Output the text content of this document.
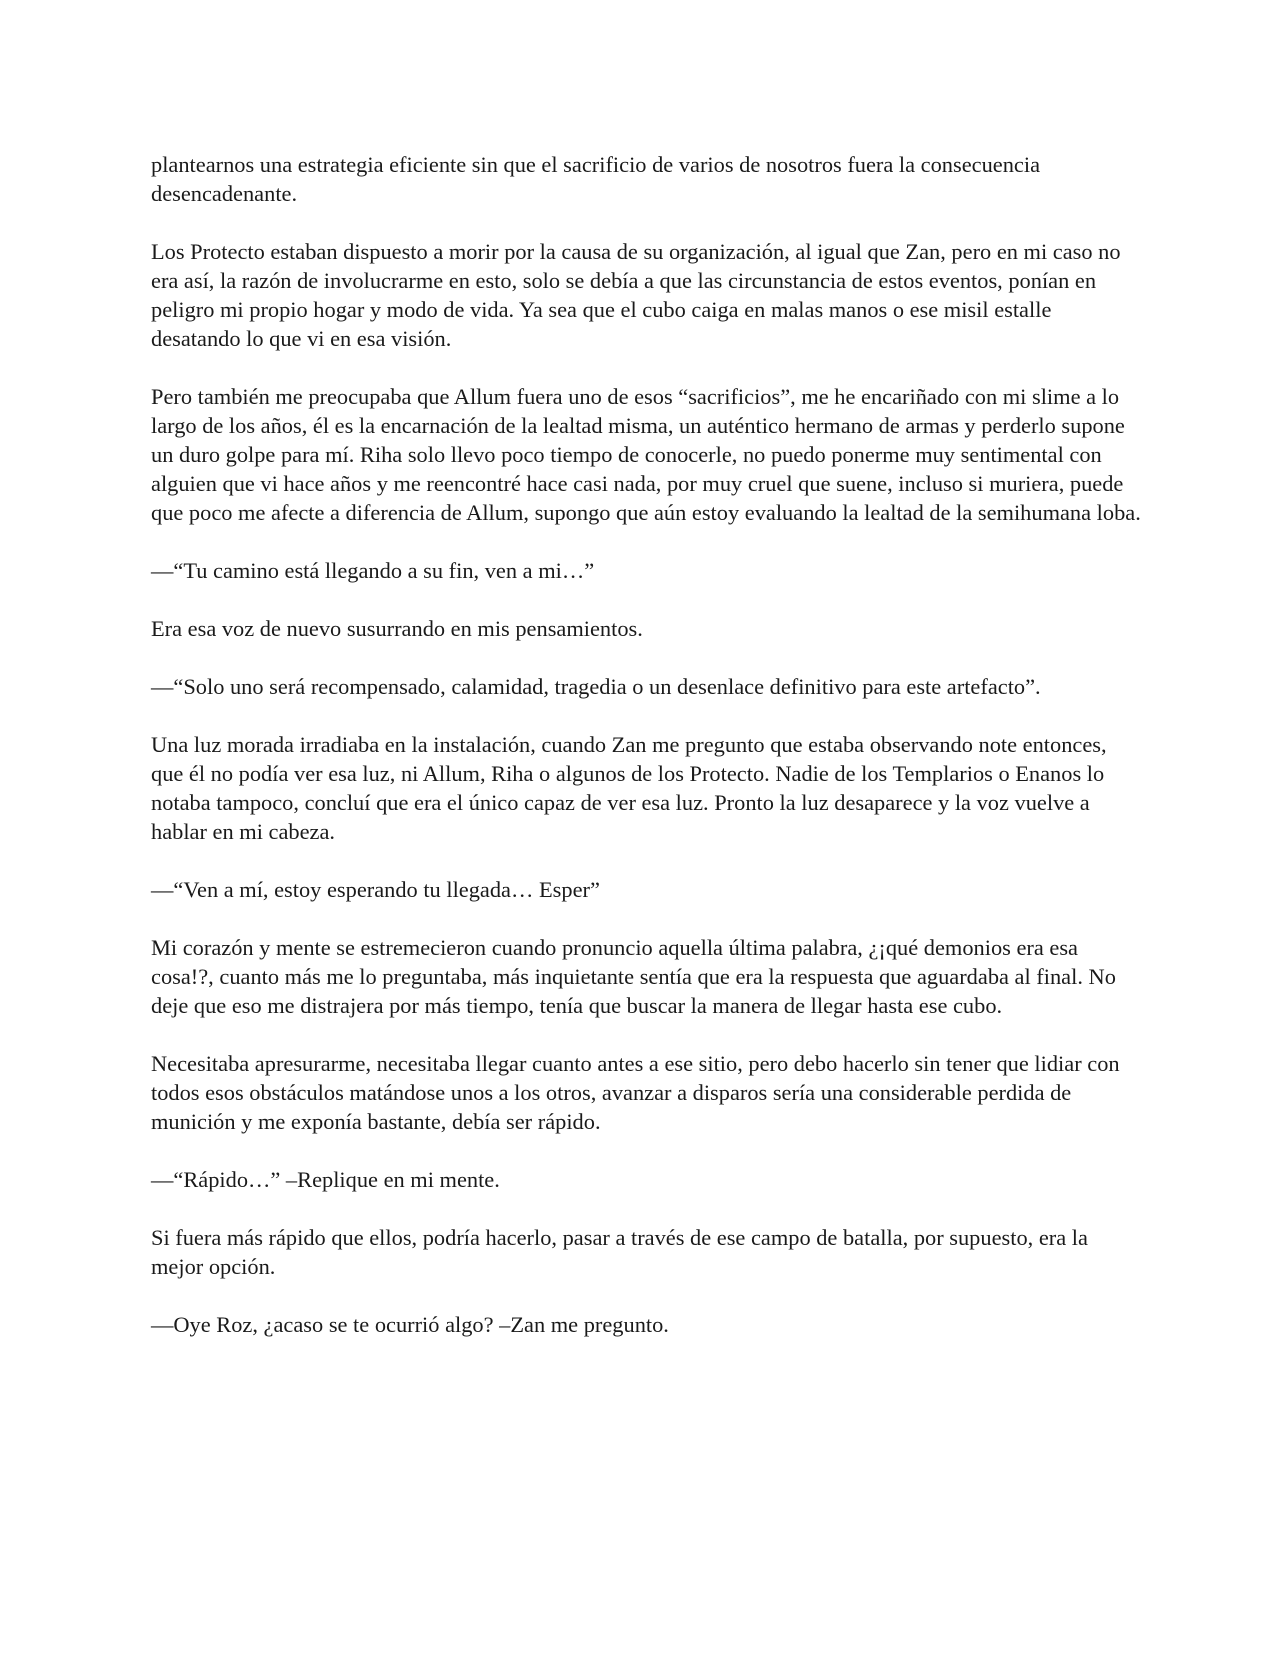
plantearnos una estrategia eficiente sin que el sacrificio de varios de nosotros fuera la consecuencia desencadenante.

Los Protecto estaban dispuesto a morir por la causa de su organización, al igual que Zan, pero en mi caso no era así, la razón de involucrarme en esto, solo se debía a que las circunstancia de estos eventos, ponían en peligro mi propio hogar y modo de vida. Ya sea que el cubo caiga en malas manos o ese misil estalle desatando lo que vi en esa visión.

Pero también me preocupaba que Allum fuera uno de esos “sacrificios”, me he encariñado con mi slime a lo largo de los años, él es la encarnación de la lealtad misma, un auténtico hermano de armas y perderlo supone un duro golpe para mí. Riha solo llevo poco tiempo de conocerle, no puedo ponerme muy sentimental con alguien que vi hace años y me reencontré hace casi nada, por muy cruel que suene, incluso si muriera, puede que poco me afecte a diferencia de Allum, supongo que aún estoy evaluando la lealtad de la semihumana loba.

—“Tu camino está llegando a su fin, ven a mi…”

Era esa voz de nuevo susurrando en mis pensamientos.

—“Solo uno será recompensado, calamidad, tragedia o un desenlace definitivo para este artefacto”.

Una luz morada irradiaba en la instalación, cuando Zan me pregunto que estaba observando note entonces, que él no podía ver esa luz, ni Allum, Riha o algunos de los Protecto. Nadie de los Templarios o Enanos lo notaba tampoco, concluí que era el único capaz de ver esa luz. Pronto la luz desaparece y la voz vuelve a hablar en mi cabeza.

—“Ven a mí, estoy esperando tu llegada… Esper”

Mi corazón y mente se estremecieron cuando pronuncio aquella última palabra, ¿¡qué demonios era esa cosa!?, cuanto más me lo preguntaba, más inquietante sentía que era la respuesta que aguardaba al final. No deje que eso me distrajera por más tiempo, tenía que buscar la manera de llegar hasta ese cubo.

Necesitaba apresurarme, necesitaba llegar cuanto antes a ese sitio, pero debo hacerlo sin tener que lidiar con todos esos obstáculos matándose unos a los otros, avanzar a disparos sería una considerable perdida de munición y me exponía bastante, debía ser rápido.

—“Rápido…” –Replique en mi mente.

Si fuera más rápido que ellos, podría hacerlo, pasar a través de ese campo de batalla, por supuesto, era la mejor opción.

—Oye Roz, ¿acaso se te ocurrió algo? –Zan me pregunto.
